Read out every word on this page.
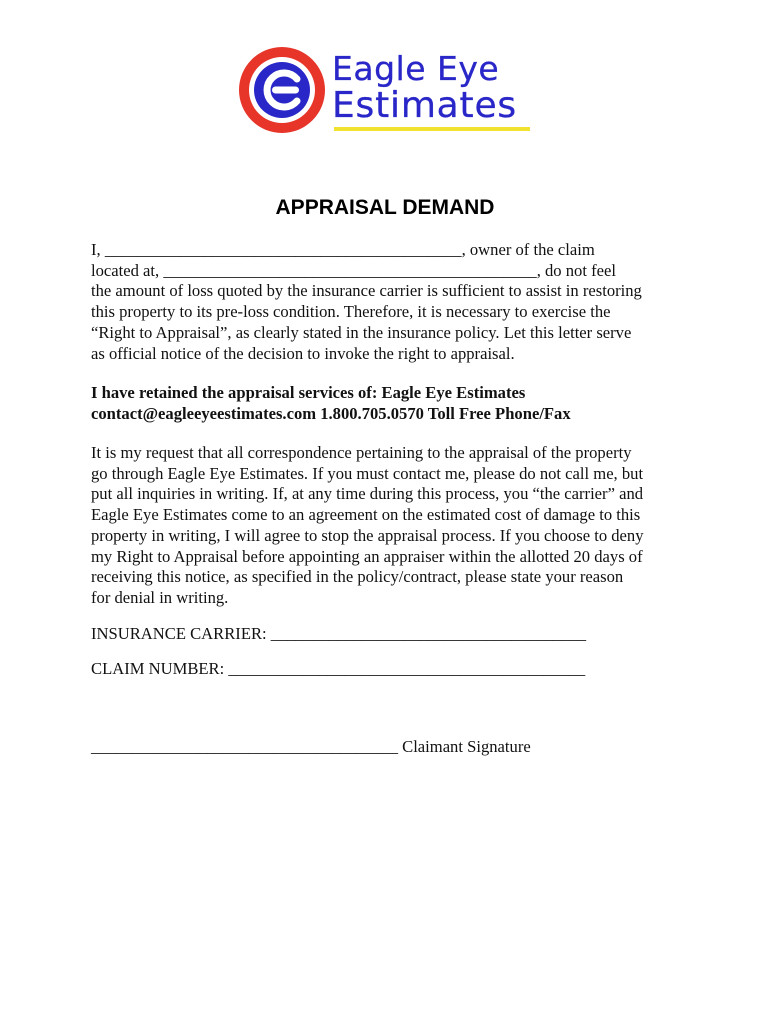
Eagle Eye
Estimates
APPRAISAL DEMAND

I, ___________________________________________, owner of the claim
located at, _____________________________________________, do not feel
the amount of loss quoted by the insurance carrier is sufficient to assist in restoring
this property to its pre-loss condition. Therefore, it is necessary to exercise the
“Right to Appraisal”, as clearly stated in the insurance policy. Let this letter serve
as official notice of the decision to invoke the right to appraisal.

I have retained the appraisal services of: Eagle Eye Estimates
contact@eagleeyeestimates.com 1.800.705.0570 Toll Free Phone/Fax

It is my request that all correspondence pertaining to the appraisal of the property
go through Eagle Eye Estimates. If you must contact me, please do not call me, but
put all inquiries in writing. If, at any time during this process, you “the carrier” and
Eagle Eye Estimates come to an agreement on the estimated cost of damage to this
property in writing, I will agree to stop the appraisal process. If you choose to deny
my Right to Appraisal before appointing an appraiser within the allotted 20 days of
receiving this notice, as specified in the policy/contract, please state your reason
for denial in writing.

INSURANCE CARRIER: ______________________________________

CLAIM NUMBER: ___________________________________________

_____________________________________ Claimant Signature
